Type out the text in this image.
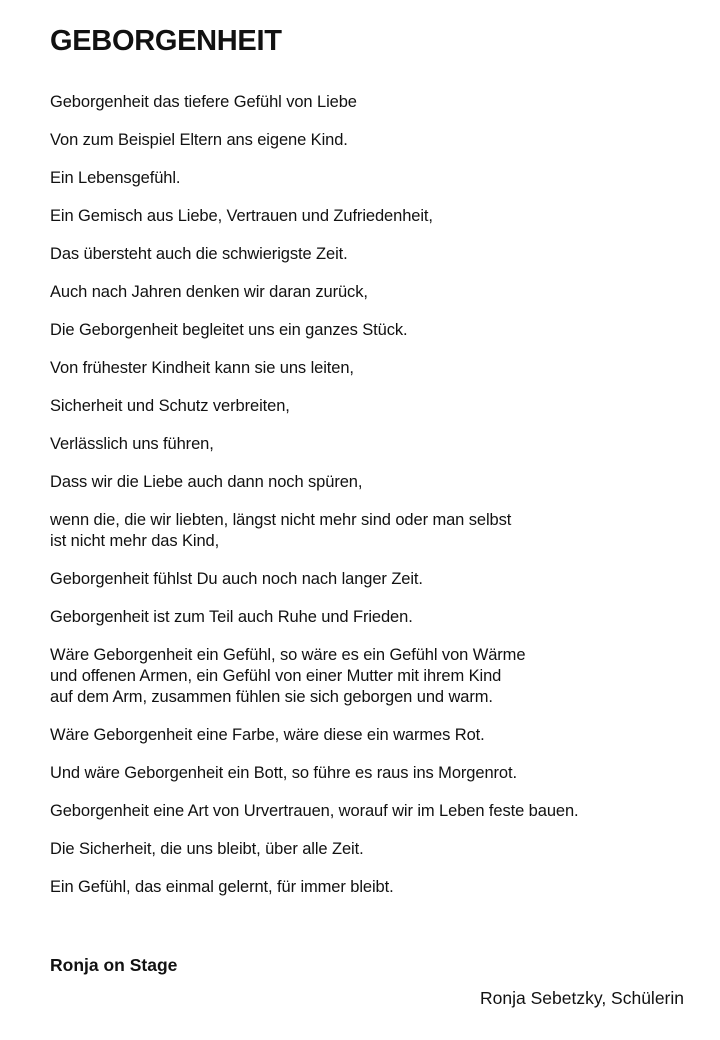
GEBORGENHEIT

Geborgenheit das tiefere Gefühl von Liebe

Von zum Beispiel Eltern ans eigene Kind.

Ein Lebensgefühl.

Ein Gemisch aus Liebe, Vertrauen und Zufriedenheit,

Das übersteht auch die schwierigste Zeit.

Auch nach Jahren denken wir daran zurück,

Die Geborgenheit begleitet uns ein ganzes Stück.

Von frühester Kindheit kann sie uns leiten,

Sicherheit und Schutz verbreiten,

Verlässlich uns führen,

Dass wir die Liebe auch dann noch spüren,

wenn die, die wir liebten, längst nicht mehr sind oder man selbst
ist nicht mehr das Kind,

Geborgenheit fühlst Du auch noch nach langer Zeit.

Geborgenheit ist zum Teil auch Ruhe und Frieden.

Wäre Geborgenheit ein Gefühl, so wäre es ein Gefühl von Wärme
und offenen Armen, ein Gefühl von einer Mutter mit ihrem Kind
auf dem Arm, zusammen fühlen sie sich geborgen und warm.

Wäre Geborgenheit eine Farbe, wäre diese ein warmes Rot.

Und wäre Geborgenheit ein Bott, so führe es raus ins Morgenrot.

Geborgenheit eine Art von Urvertrauen, worauf wir im Leben feste bauen.

Die Sicherheit, die uns bleibt, über alle Zeit.

Ein Gefühl, das einmal gelernt, für immer bleibt.

Ronja on Stage

Ronja Sebetzky, Schülerin
